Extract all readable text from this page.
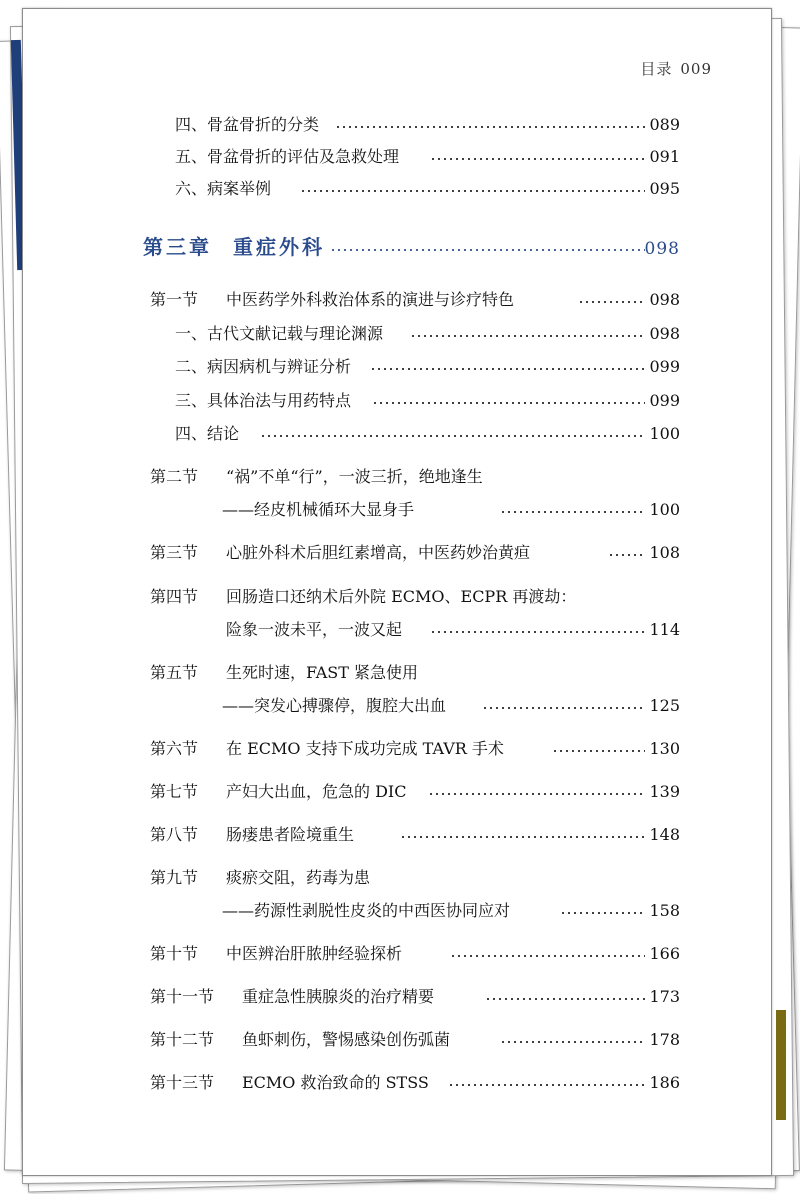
目录 009
四、骨盆骨折的分类	089
五、骨盆骨折的评估及急救处理	091
六、病案举例	095
第三章 重症外科	098
第一节 中医药学外科救治体系的演进与诊疗特色	098
一、古代文献记载与理论渊源	098
二、病因病机与辨证分析	099
三、具体治法与用药特点	099
四、结论	100
第二节 “祸”不单“行”，一波三折，绝地逢生
——经皮机械循环大显身手	100
第三节 心脏外科术后胆红素增高，中医药妙治黄疸	108
第四节 回肠造口还纳术后外院 ECMO、ECPR 再渡劫：
险象一波未平，一波又起	114
第五节 生死时速，FAST 紧急使用
——突发心搏骤停，腹腔大出血	125
第六节 在 ECMO 支持下成功完成 TAVR 手术	130
第七节 产妇大出血，危急的 DIC	139
第八节 肠瘘患者险境重生	148
第九节 痰瘀交阻，药毒为患
——药源性剥脱性皮炎的中西医协同应对	158
第十节 中医辨治肝脓肿经验探析	166
第十一节 重症急性胰腺炎的治疗精要	173
第十二节 鱼虾刺伤，警惕感染创伤弧菌	178
第十三节 ECMO 救治致命的 STSS	186
